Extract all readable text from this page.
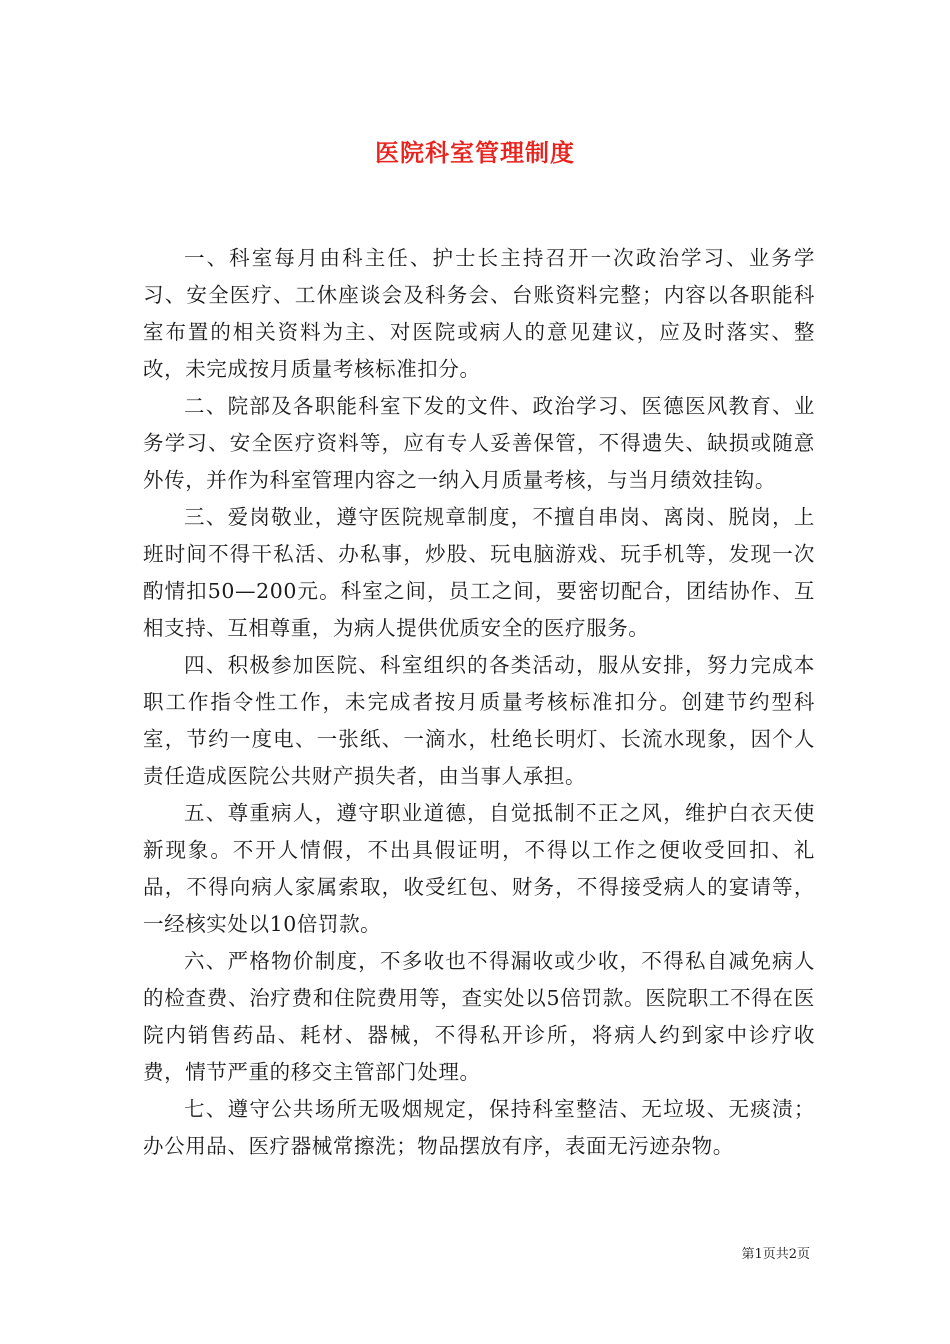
医院科室管理制度

一、科室每月由科主任、护士长主持召开一次政治学习、业务学习、安全医疗、工休座谈会及科务会、台账资料完整；内容以各职能科室布置的相关资料为主、对医院或病人的意见建议，应及时落实、整改，未完成按月质量考核标准扣分。

二、院部及各职能科室下发的文件、政治学习、医德医风教育、业务学习、安全医疗资料等，应有专人妥善保管，不得遗失、缺损或随意外传，并作为科室管理内容之一纳入月质量考核，与当月绩效挂钩。

三、爱岗敬业，遵守医院规章制度，不擅自串岗、离岗、脱岗，上班时间不得干私活、办私事，炒股、玩电脑游戏、玩手机等，发现一次酌情扣50—200元。科室之间，员工之间，要密切配合，团结协作、互相支持、互相尊重，为病人提供优质安全的医疗服务。

四、积极参加医院、科室组织的各类活动，服从安排，努力完成本职工作指令性工作，未完成者按月质量考核标准扣分。创建节约型科室，节约一度电、一张纸、一滴水，杜绝长明灯、长流水现象，因个人责任造成医院公共财产损失者，由当事人承担。

五、尊重病人，遵守职业道德，自觉抵制不正之风，维护白衣天使新现象。不开人情假，不出具假证明，不得以工作之便收受回扣、礼品，不得向病人家属索取，收受红包、财务，不得接受病人的宴请等，一经核实处以10倍罚款。

六、严格物价制度，不多收也不得漏收或少收，不得私自减免病人的检查费、治疗费和住院费用等，查实处以5倍罚款。医院职工不得在医院内销售药品、耗材、器械，不得私开诊所，将病人约到家中诊疗收费，情节严重的移交主管部门处理。

七、遵守公共场所无吸烟规定，保持科室整洁、无垃圾、无痰渍；办公用品、医疗器械常擦洗；物品摆放有序，表面无污迹杂物。

第1页共2页
